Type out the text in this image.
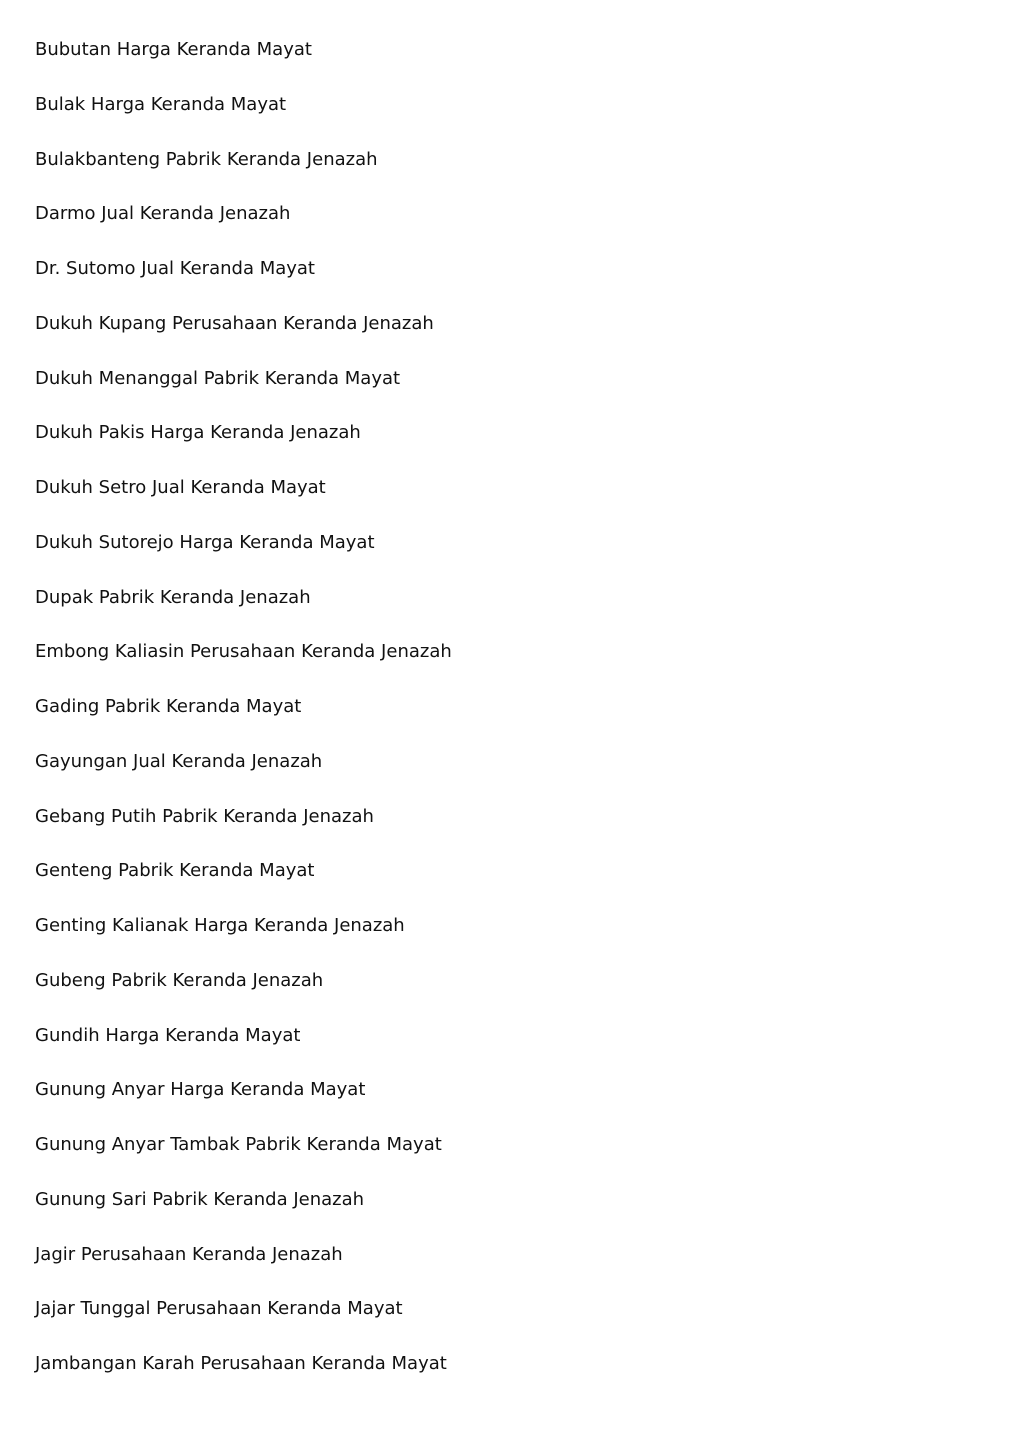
Bubutan Harga Keranda Mayat
Bulak Harga Keranda Mayat
Bulakbanteng Pabrik Keranda Jenazah
Darmo Jual Keranda Jenazah
Dr. Sutomo Jual Keranda Mayat
Dukuh Kupang Perusahaan Keranda Jenazah
Dukuh Menanggal Pabrik Keranda Mayat
Dukuh Pakis Harga Keranda Jenazah
Dukuh Setro Jual Keranda Mayat
Dukuh Sutorejo Harga Keranda Mayat
Dupak Pabrik Keranda Jenazah
Embong Kaliasin Perusahaan Keranda Jenazah
Gading Pabrik Keranda Mayat
Gayungan Jual Keranda Jenazah
Gebang Putih Pabrik Keranda Jenazah
Genteng Pabrik Keranda Mayat
Genting Kalianak Harga Keranda Jenazah
Gubeng Pabrik Keranda Jenazah
Gundih Harga Keranda Mayat
Gunung Anyar Harga Keranda Mayat
Gunung Anyar Tambak Pabrik Keranda Mayat
Gunung Sari Pabrik Keranda Jenazah
Jagir Perusahaan Keranda Jenazah
Jajar Tunggal Perusahaan Keranda Mayat
Jambangan Karah Perusahaan Keranda Mayat
